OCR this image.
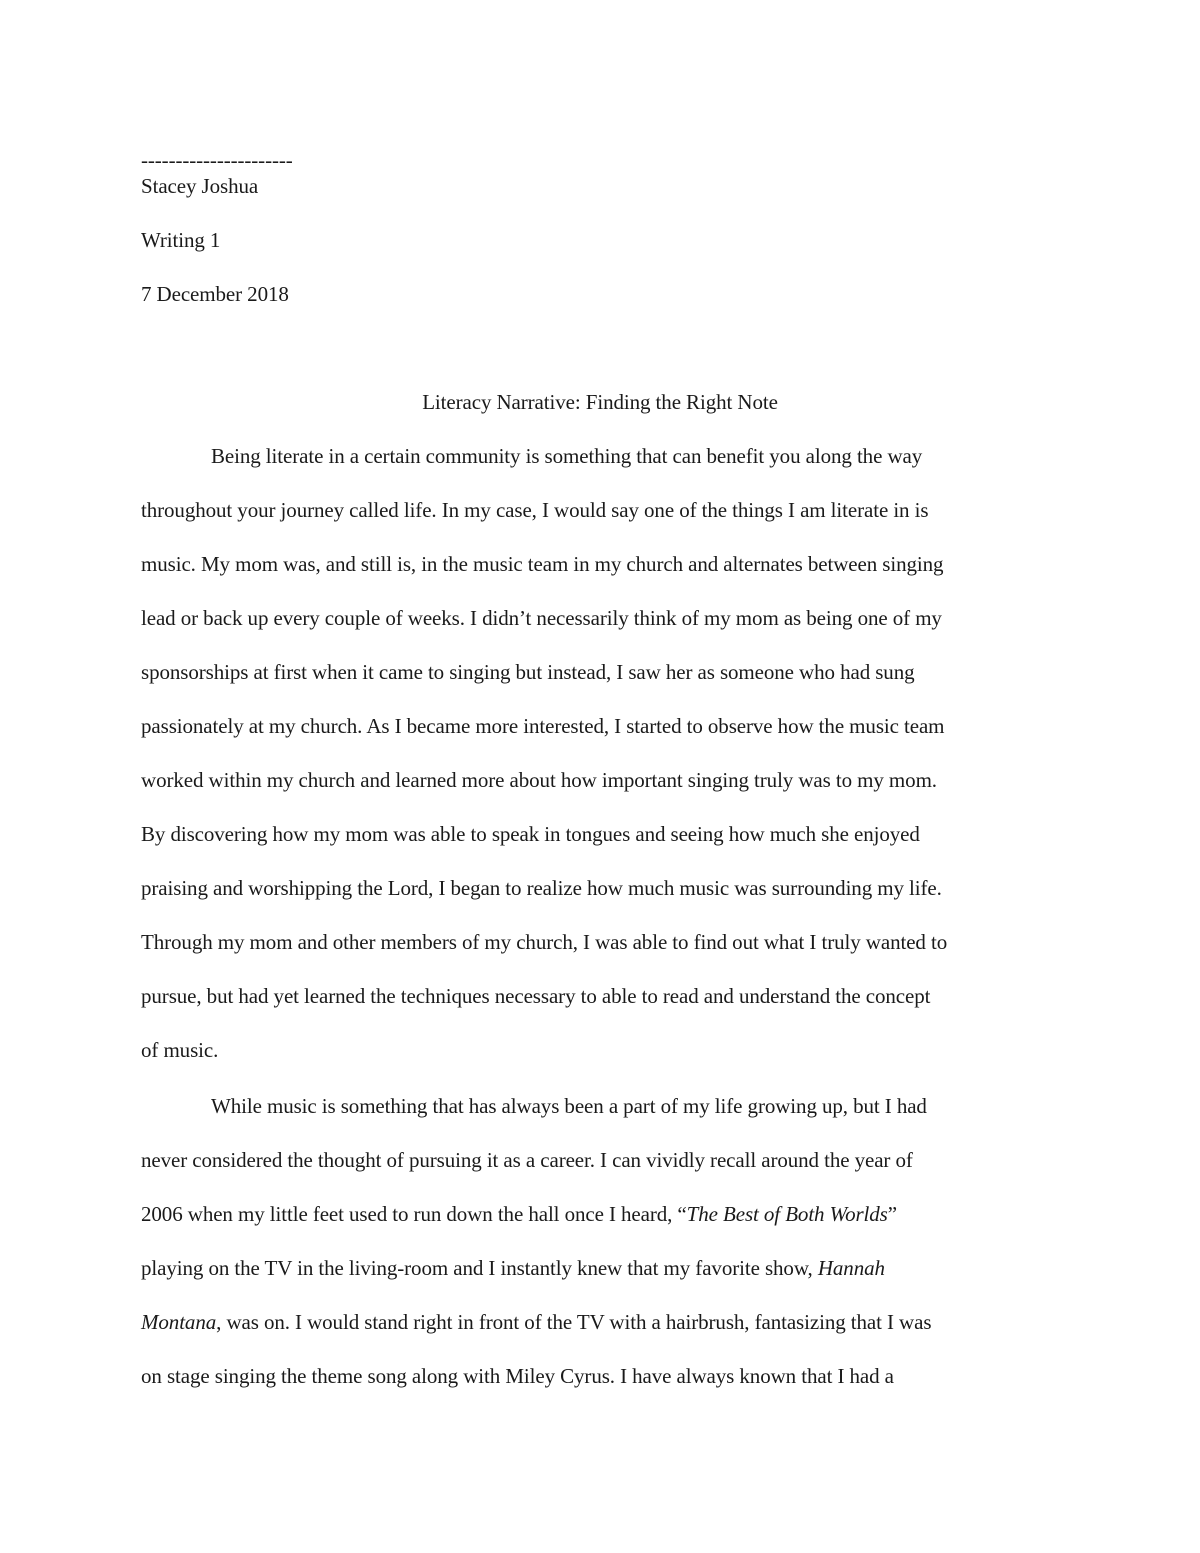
----------------------
Stacey Joshua
Writing 1
7 December 2018
Literacy Narrative: Finding the Right Note
Being literate in a certain community is something that can benefit you along the way
throughout your journey called life. In my case, I would say one of the things I am literate in is
music. My mom was, and still is, in the music team in my church and alternates between singing
lead or back up every couple of weeks. I didn’t necessarily think of my mom as being one of my
sponsorships at first when it came to singing but instead, I saw her as someone who had sung
passionately at my church. As I became more interested, I started to observe how the music team
worked within my church and learned more about how important singing truly was to my mom.
By discovering how my mom was able to speak in tongues and seeing how much she enjoyed
praising and worshipping the Lord, I began to realize how much music was surrounding my life.
Through my mom and other members of my church, I was able to find out what I truly wanted to
pursue, but had yet learned the techniques necessary to able to read and understand the concept
of music.
While music is something that has always been a part of my life growing up, but I had
never considered the thought of pursuing it as a career. I can vividly recall around the year of
2006 when my little feet used to run down the hall once I heard, “The Best of Both Worlds”
playing on the TV in the living-room and I instantly knew that my favorite show, Hannah
Montana, was on. I would stand right in front of the TV with a hairbrush, fantasizing that I was
on stage singing the theme song along with Miley Cyrus. I have always known that I had a
